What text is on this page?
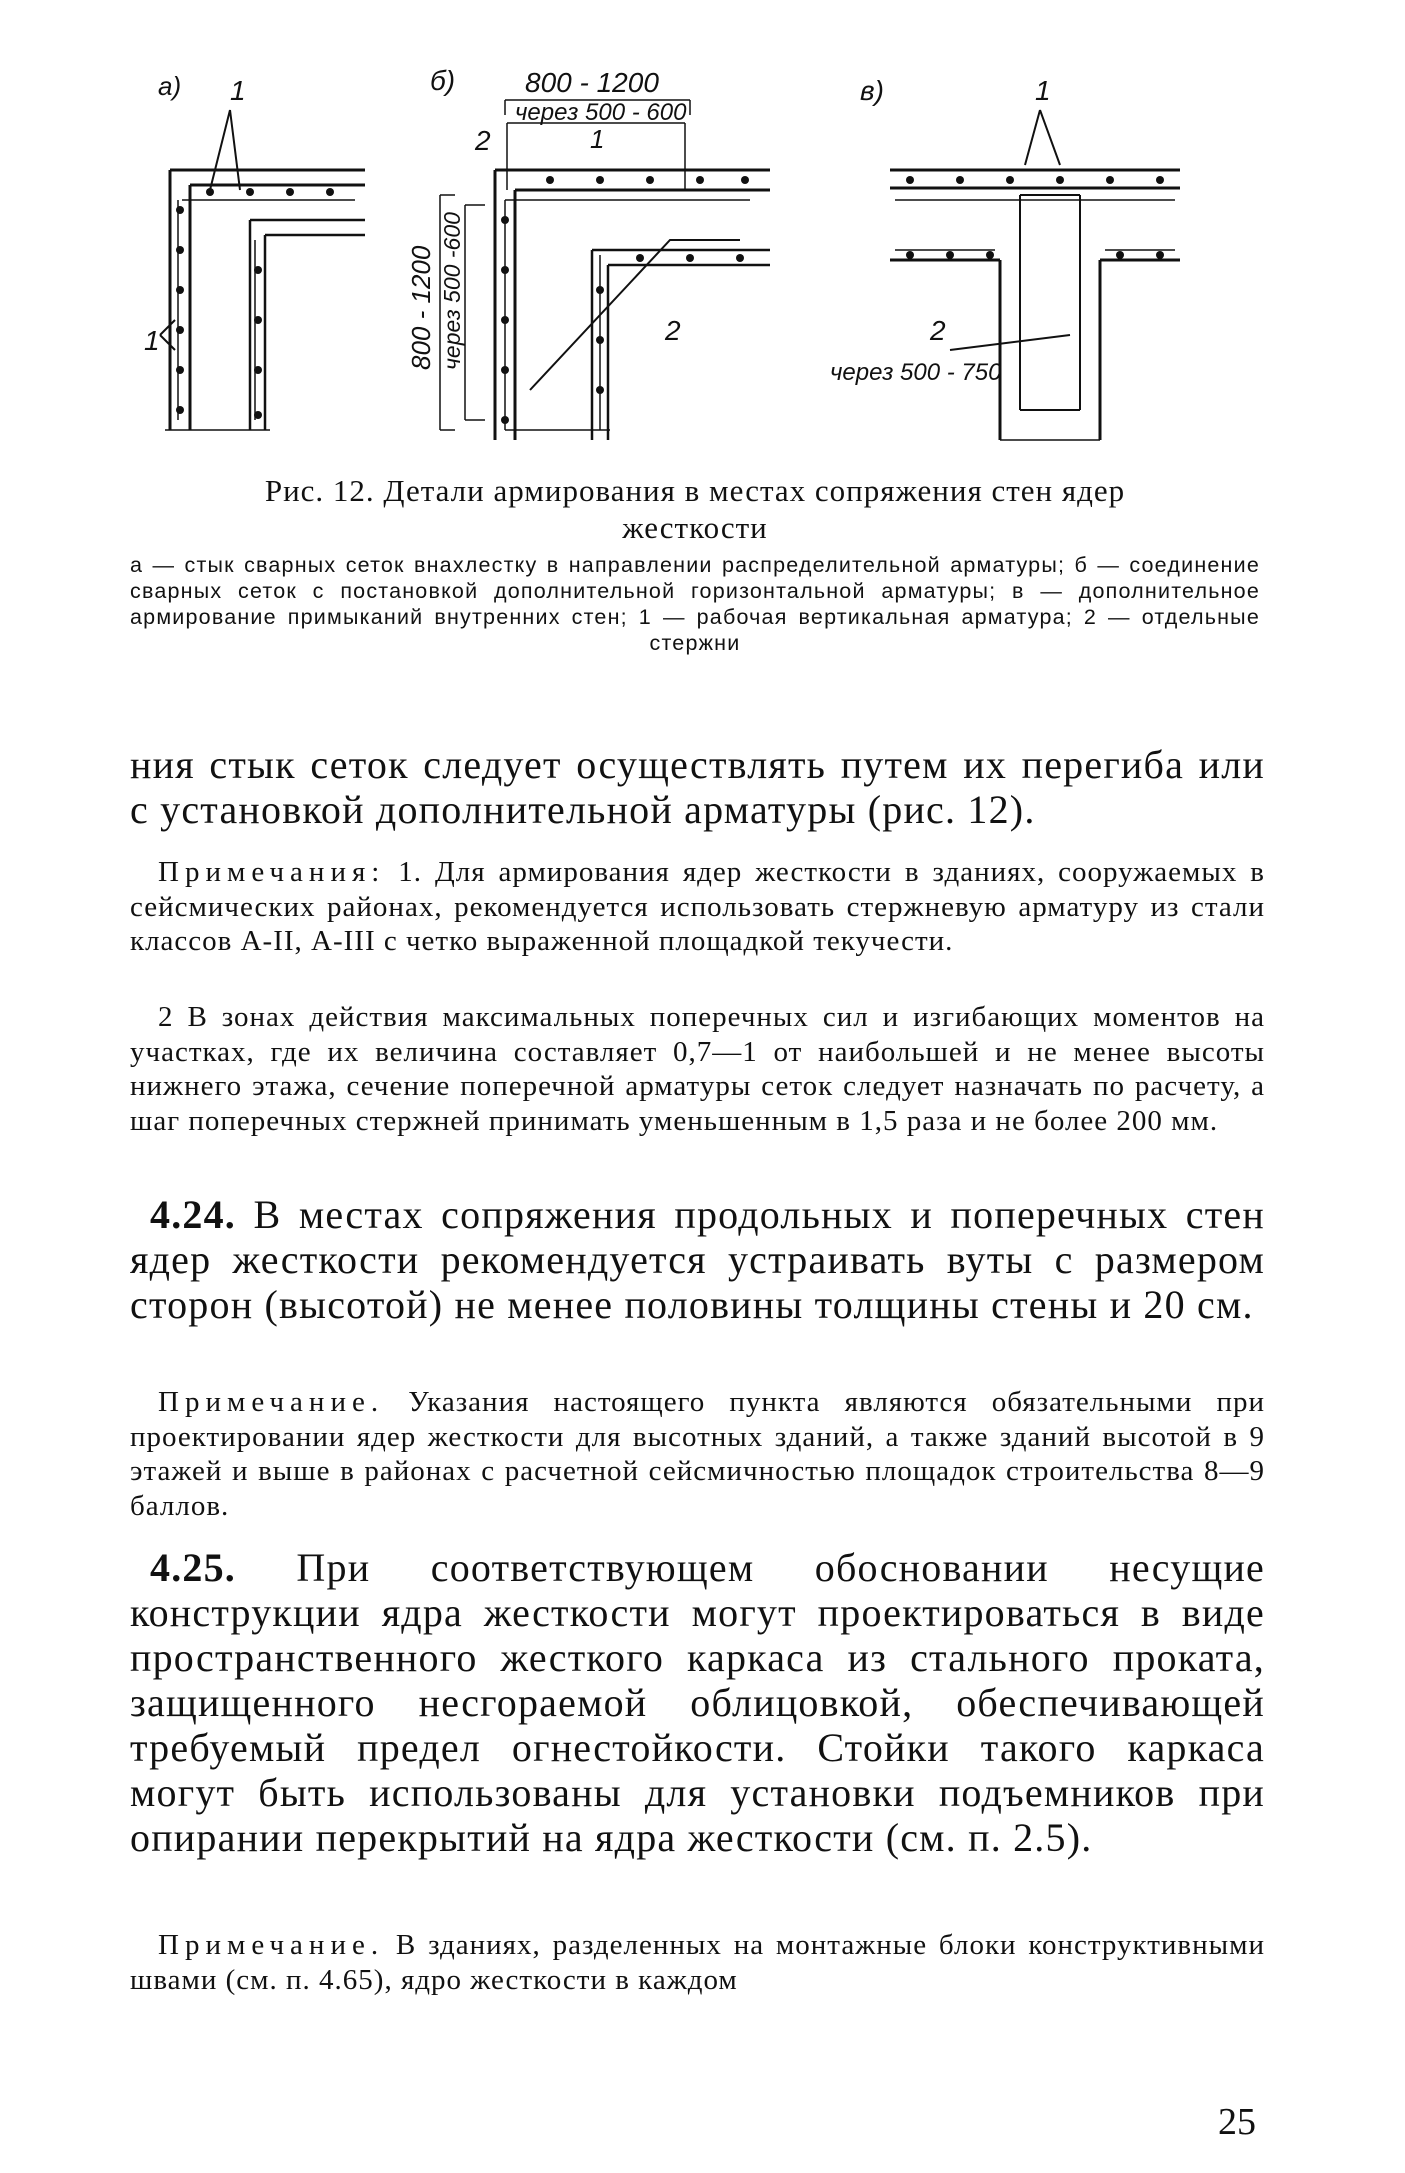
а) 1
1
б) 800 - 1200
через 500 - 600
1
2
2
800 - 1200 через 500 -600
в)	1
2
через 500 - 750
Рис. 12. Детали армирования в местах сопряжения стен ядер
жесткости
а — стык сварных сеток внахлестку в направлении распределительной арматуры; б — соединение сварных сеток с постановкой дополнительной горизонтальной арматуры; в — дополнительное армирование примыканий внутренних стен; 1 — рабочая вертикальная арматура; 2 — отдельные стержни
ния стык сеток следует осуществлять путем их перегиба или с установкой дополнительной арматуры (рис. 12).
Примечания: 1. Для армирования ядер жесткости в зданиях, сооружаемых в сейсмических районах, рекомендуется использовать стержневую арматуру из стали классов А-II, А-III с четко выраженной площадкой текучести.
2 В зонах действия максимальных поперечных сил и изгибающих моментов на участках, где их величина составляет 0,7—1 от наибольшей и не менее высоты нижнего этажа, сечение поперечной арматуры сеток следует назначать по расчету, а шаг поперечных стержней принимать уменьшенным в 1,5 раза и не более 200 мм.
4.24. В местах сопряжения продольных и поперечных стен ядер жесткости рекомендуется устраивать вуты с размером сторон (высотой) не менее половины толщины стены и 20 см.
Примечание. Указания настоящего пункта являются обязательными при проектировании ядер жесткости для высотных зданий, а также зданий высотой в 9 этажей и выше в районах с расчетной сейсмичностью площадок строительства 8—9 баллов.
4.25. При соответствующем обосновании несущие конструкции ядра жесткости могут проектироваться в виде пространственного жесткого каркаса из стального проката, защищенного несгораемой облицовкой, обеспечивающей требуемый предел огнестойкости. Стойки такого каркаса могут быть использованы для установки подъемников при опирании перекрытий на ядра жесткости (см. п. 2.5).
Примечание. В зданиях, разделенных на монтажные блоки конструктивными швами (см. п. 4.65), ядро жесткости в каждом
25
